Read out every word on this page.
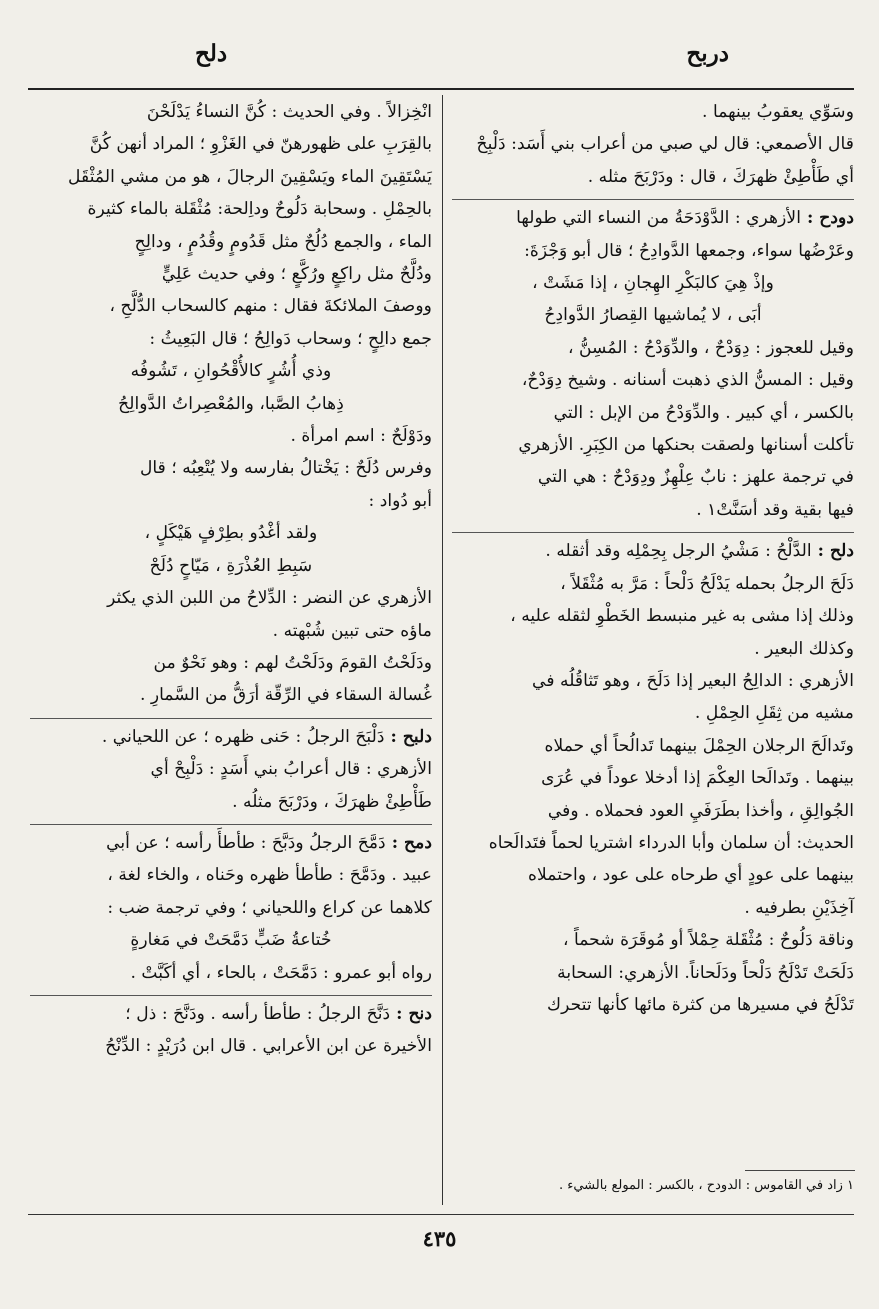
دربح
دلح

وسَوِّي يعقوبُ بينهما .

قال الأصمعي: قال لي صبي من أعراب بني أَسَد: دَلْبِحْ

أي طَأْطِئْ ظهرَكَ ، قال : ودَرْبَحَ مثله .

دودح : الأزهري : الدَّوْدَحَةُ من النساء التي طولها

وعَرْضُها سواء، وجمعها الدَّوادِحُ ؛ قال أبو وَجْزَةَ:

وإذْ هِيَ كالبَكْرِ الهِجانِ ، إذا مَشَتْ ،

أبَى ، لا يُماشيها القِصارُ الدَّوادِحُ

وقيل للعجوز : دِوَدْحٌ ، والدِّوَدْحُ : المُسِنُّ ،

وقيل : المسنُّ الذي ذهبت أسنانه . وشيخ دِوَدْحٌ،

بالكسر ، أي كبير . والدِّوَدْحُ من الإبل : التي

تأكلت أسنانها ولصقت بحنكها من الكِبَرِ. الأزهري

في ترجمة علهز : نابٌ عِلْهِزٌ ودِوَدْحٌ : هي التي

فيها بقية وقد أسَنَّتْ١ .

دلح : الدَّلْحُ : مَشْيُ الرجل بِحِمْلِه وقد أثقله .

دَلَحَ الرجلُ بحمله يَدْلَحُ دَلْحاً : مَرَّ به مُثْقَلاً ،

وذلك إذا مشى به غير منبسط الخَطْوِ لثقله عليه ،

وكذلك البعير .

الأزهري : الدالِحُ البعير إذا دَلَحَ ، وهو تَثاقُلُه في

مشيه من ثِقَلِ الحِمْلِ .

وتَدالَحَ الرجلان الحِمْلَ بينهما تَدالُحاً أي حملاه

بينهما . وتَدالَحا العِكْمَ إذا أدخلا عوداً في عُرَى

الجُوالِقِ ، وأخذا بطَرَفَيِ العود فحملاه . وفي

الحديث: أن سلمان وأبا الدرداء اشتريا لحماً فتَدالَحاه

بينهما على عودٍ أي طرحاه على عود ، واحتملاه

آخِذَيْنِ بطرفيه .

وناقة دَلُوحٌ : مُثْقَلة حِمْلاً أو مُوقَرَة شحماً ،

دَلَحَتْ تَدْلَحُ دَلْحاً ودَلَحاناً. الأزهري: السحابة

تَدْلَحُ في مسيرها من كثرة مائها كأنها تتحرك

انْخِزالاً . وفي الحديث : كُنَّ النساءُ يَدْلَحْنَ

بالقِرَبِ على ظهورهنّ في الغَزْوِ ؛ المراد أنهن كُنَّ

يَسْتَقِينَ الماء ويَسْقِينَ الرجالَ ، هو من مشي المُثْقَل

بالحِمْلِ . وسحابة دَلُوحٌ وداِلحة: مُثْقَلة بالماء كثيرة

الماء ، والجمع دُلُحٌ مثل قَدُومٍ وقُدُمٍ ، ودالِحٍ

ودُلَّحٌ مثل راكِعٍ ورُكَّعٍ ؛ وفي حديث عَلِيٍّ

ووصفَ الملائكةَ فقال : منهم كالسحاب الدُّلَّحِ ،

جمع دالِحٍ ؛ وسحاب دَوالِحُ ؛ قال البَعِيثُ :

وذي أُشُرٍ كالأُقْحُوانِ ، تَشُوفُه

ذِهابُ الصَّبا، والمُعْصِراتُ الدَّوالِحُ

ودَوْلَحٌ : اسم امرأة .

وفرس دُلَحٌ : يَخْتالُ بفارسه ولا يُتْعِبُه ؛ قال

أبو دُواد :

ولقد أغْدُو بطِرْفٍ هَيْكَلٍ ،

سَبِطِ العُذْرَةِ ، مَيّاحٍ دُلَحْ

الأزهري عن النضر : الدِّلاحُ من اللبن الذي يكثر

ماؤه حتى تبين شُبْهته .

ودَلَحْتُ القومَ ودَلَحْتُ لهم : وهو نَحْوٌ من

غُسالة السقاء في الرِّقّة أرَقُّ من السَّمارِ .

دلبح : دَلْبَحَ الرجلُ : حَنى ظهره ؛ عن اللحياني .

الأزهري : قال أعرابُ بني أَسَدٍ : دَلْبِحْ أي

طَأْطِئْ ظهرَكَ ، ودَرْبَحَ مثلُه .

دمح : دَمَّحَ الرجلُ ودَبَّحَ : طأطأَ رأسه ؛ عن أبي

عبيد . ودَمَّحَ : طأطأ ظهره وحَناه ، والخاء لغة ،

كلاهما عن كراع واللحياني ؛ وفي ترجمة ضب :

خُتاعةُ ضَبٍّ دَمَّحَتْ في مَغارةٍ

رواه أبو عمرو : دَمَّحَتْ ، بالحاء ، أي أكَبَّتْ .

دنح : دَنَّحَ الرجلُ : طأطأ رأسه . ودَنَّحَ : ذل ؛

الأخيرة عن ابن الأعرابي . قال ابن دُرَيْدٍ : الدِّنْحُ

١ زاد في القاموس : الدودح ، بالكسر : المولع بالشيء .
٤٣٥
